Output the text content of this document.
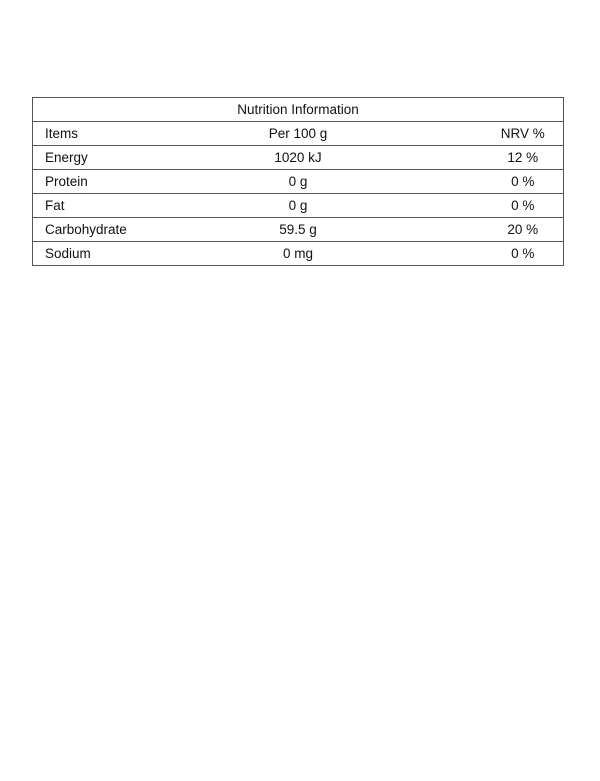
Nutrition Information		
Items	Per 100 g	NRV %
Energy	1020 kJ	12 %
Protein	0 g	0 %
Fat	0 g	0 %
Carbohydrate	59.5 g	20 %
Sodium	0 mg	0 %
